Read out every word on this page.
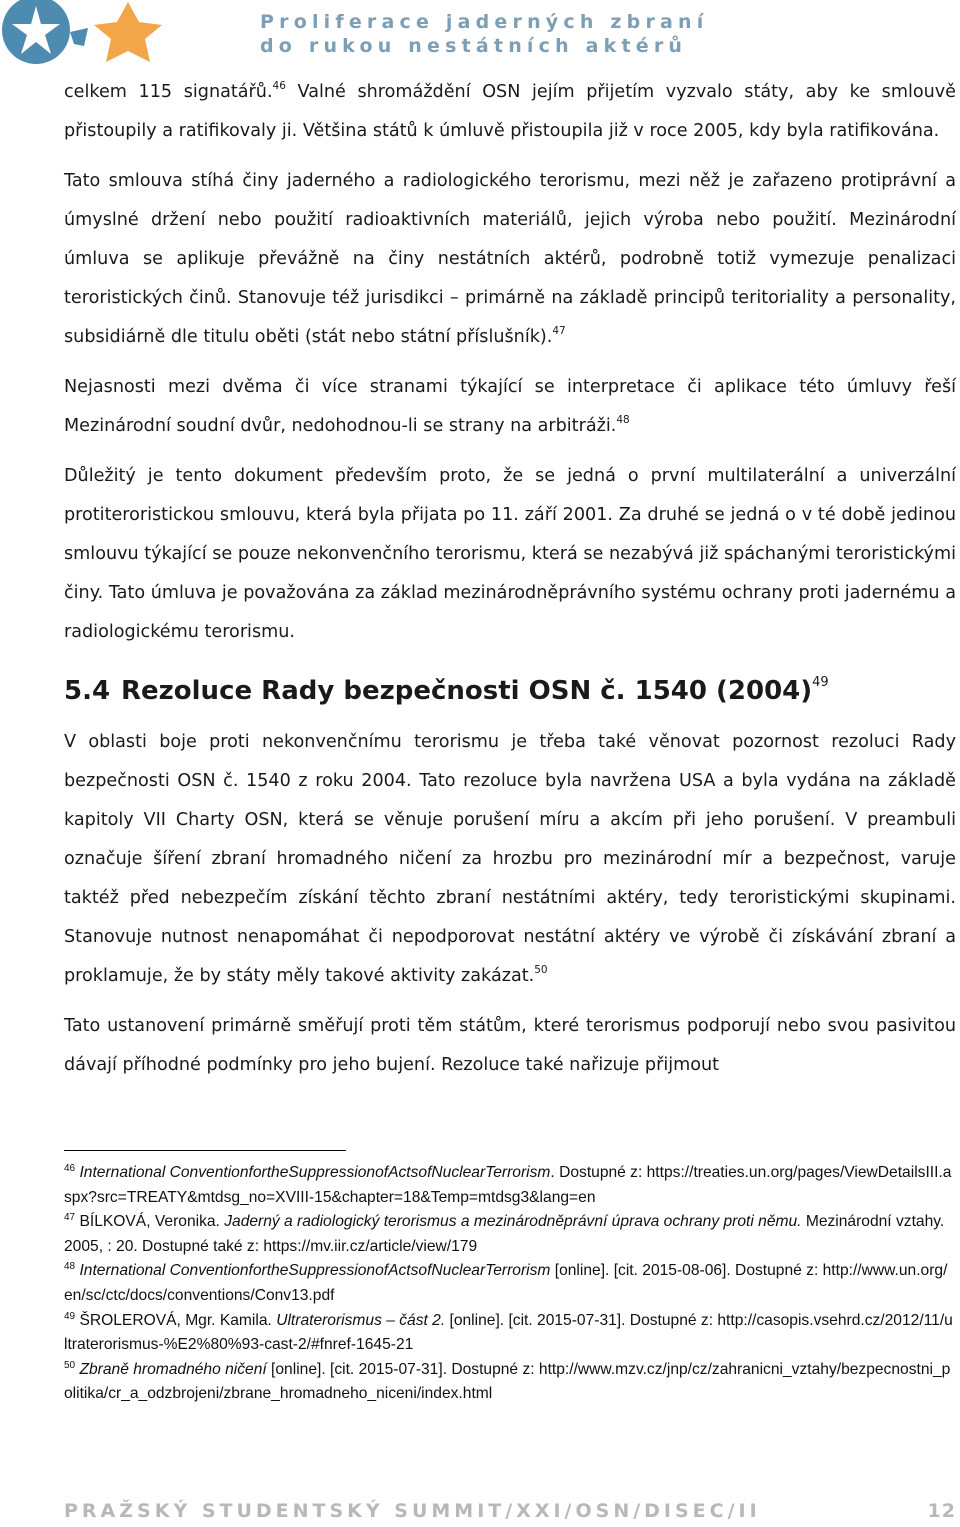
Proliferace jaderných zbraní
do rukou nestátních aktérů

celkem 115 signatářů.$^{46}$ Valné shromáždění OSN jejím přijetím vyzvalo státy, aby ke smlouvě přistoupily a ratifikovaly ji. Většina států k úmluvě přistoupila již v roce 2005, kdy byla ratifikována.

Tato smlouva stíhá činy jaderného a radiologického terorismu, mezi něž je zařazeno protiprávní a úmyslné držení nebo použití radioaktivních materiálů, jejich výroba nebo použití. Mezinárodní úmluva se aplikuje převážně na činy nestátních aktérů, podrobně totiž vymezuje penalizaci teroristických činů. Stanovuje též jurisdikci – primárně na základě principů teritoriality a personality, subsidiárně dle titulu oběti (stát nebo státní příslušník).$^{47}$

Nejasnosti mezi dvěma či více stranami týkající se interpretace či aplikace této úmluvy řeší Mezinárodní soudní dvůr, nedohodnou-li se strany na arbitráži.$^{48}$

Důležitý je tento dokument především proto, že se jedná o první multilaterální a univerzální protiteroristickou smlouvu, která byla přijata po 11. září 2001. Za druhé se jedná o v té době jedinou smlouvu týkající se pouze nekonvenčního terorismu, která se nezabývá již spáchanými teroristickými činy. Tato úmluva je považována za základ mezinárodněprávního systému ochrany proti jadernému a radiologickému terorismu.

5.4 Rezoluce Rady bezpečnosti OSN č. 1540 $(2004)^{49}$

V oblasti boje proti nekonvenčnímu terorismu je třeba také věnovat pozornost rezoluci Rady bezpečnosti OSN č. 1540 z roku 2004. Tato rezoluce byla navržena USA a byla vydána na základě kapitoly VII Charty OSN, která se věnuje porušení míru a akcím při jeho porušení. V preambuli označuje šíření zbraní hromadného ničení za hrozbu pro mezinárodní mír a bezpečnost, varuje taktéž před nebezpečím získání těchto zbraní nestátními aktéry, tedy teroristickými skupinami. Stanovuje nutnost nenapomáhat či nepodporovat nestátní aktéry ve výrobě či získávání zbraní a proklamuje, že by státy měly takové aktivity zakázat.$^{50}$

Tato ustanovení primárně směřují proti těm státům, které terorismus podporují nebo svou pasivitou dávají příhodné podmínky pro jeho bujení. Rezoluce také nařizuje přijmout

$^{46}$ International ConventionfortheSuppressionofActsofNuclearTerrorism. Dostupné z: https://treaties.un.org/pages/ViewDetailsIII.aspx?src=TREATY&mtdsg_no=XVIII-15&chapter=18&Temp=mtdsg3&lang=en

$^{47}$ BÍLKOVÁ, Veronika. Jaderný a radiologický terorismus a mezinárodněprávní úprava ochrany proti němu. Mezinárodní vztahy. 2005, : 20. Dostupné také z: https://mv.iir.cz/article/view/179

$^{48}$ International ConventionfortheSuppressionofActsofNuclearTerrorism [online]. [cit. 2015-08-06]. Dostupné z: http://www.un.org/en/sc/ctc/docs/conventions/Conv13.pdf

$^{49}$ ŠROLEROVÁ, Mgr. Kamila. Ultraterorismus – část 2. [online]. [cit. 2015-07-31]. Dostupné z: http://casopis.vsehrd.cz/2012/11/ultraterorismus-%E2%80%93-cast-2/#fnref-1645-21

$^{50}$ Zbraně hromadného ničení [online]. [cit. 2015-07-31]. Dostupné z: http://www.mzv.cz/jnp/cz/zahranicni_vztahy/bezpecnostni_politika/cr_a_odzbrojeni/zbrane_hromadneho_niceni/index.html

PRAŽSKÝ STUDENTSKÝ SUMMIT/XXI/OSN/DISEC/II	12
